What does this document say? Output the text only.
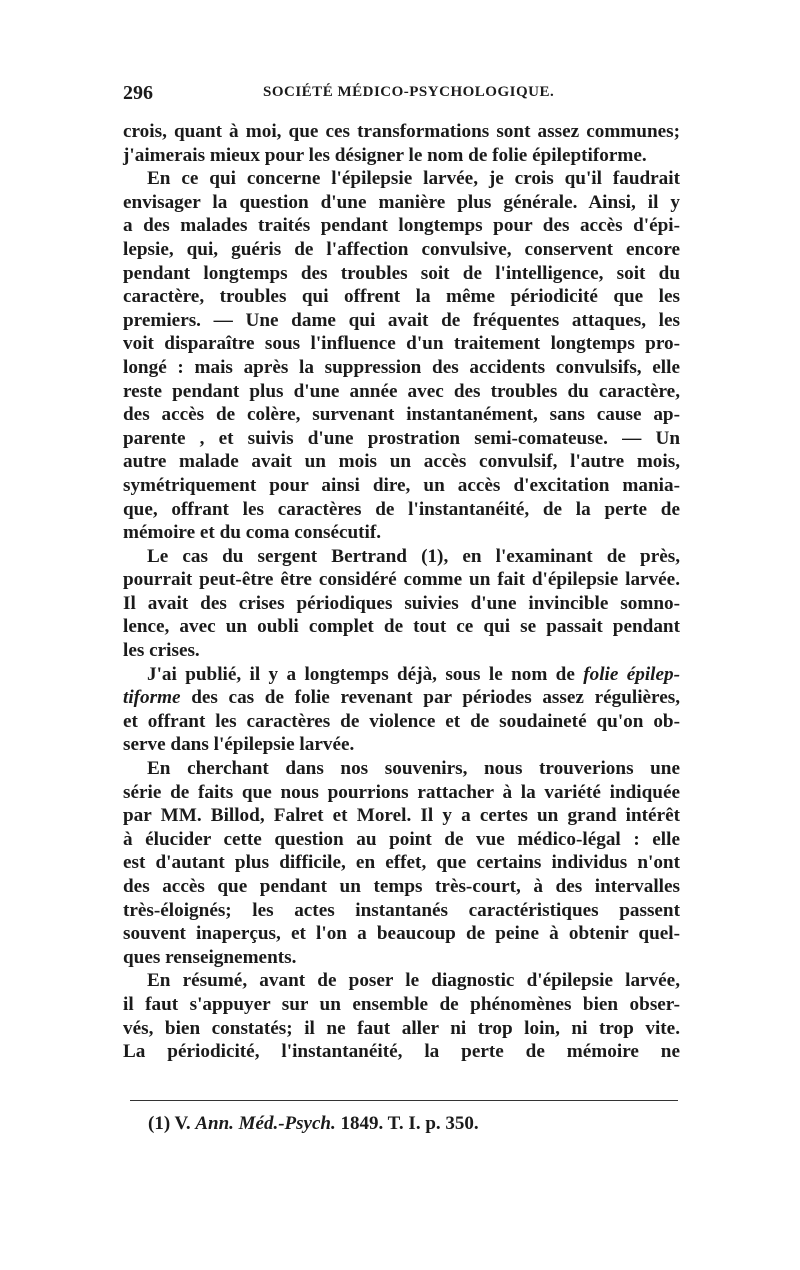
296	SOCIÉTÉ MÉDICO-PSYCHOLOGIQUE.
crois, quant à moi, que ces transformations sont assez communes;
j'aimerais mieux pour les désigner le nom de folie épileptiforme.
En ce qui concerne l'épilepsie larvée, je crois qu'il faudrait
envisager la question d'une manière plus générale. Ainsi, il y
a des malades traités pendant longtemps pour des accès d'épi-
lepsie, qui, guéris de l'affection convulsive, conservent encore
pendant longtemps des troubles soit de l'intelligence, soit du
caractère, troubles qui offrent la même périodicité que les
premiers. — Une dame qui avait de fréquentes attaques, les
voit disparaître sous l'influence d'un traitement longtemps pro-
longé : mais après la suppression des accidents convulsifs, elle
reste pendant plus d'une année avec des troubles du caractère,
des accès de colère, survenant instantanément, sans cause ap-
parente , et suivis d'une prostration semi-comateuse. — Un
autre malade avait un mois un accès convulsif, l'autre mois,
symétriquement pour ainsi dire, un accès d'excitation mania-
que, offrant les caractères de l'instantanéité, de la perte de
mémoire et du coma consécutif.
Le cas du sergent Bertrand (1), en l'examinant de près,
pourrait peut-être être considéré comme un fait d'épilepsie larvée.
Il avait des crises périodiques suivies d'une invincible somno-
lence, avec un oubli complet de tout ce qui se passait pendant
les crises.
J'ai publié, il y a longtemps déjà, sous le nom de folie épilep-
tiforme des cas de folie revenant par périodes assez régulières,
et offrant les caractères de violence et de soudaineté qu'on ob-
serve dans l'épilepsie larvée.
En cherchant dans nos souvenirs, nous trouverions une
série de faits que nous pourrions rattacher à la variété indiquée
par MM. Billod, Falret et Morel. Il y a certes un grand intérêt
à élucider cette question au point de vue médico-légal : elle
est d'autant plus difficile, en effet, que certains individus n'ont
des accès que pendant un temps très-court, à des intervalles
très-éloignés; les actes instantanés caractéristiques passent
souvent inaperçus, et l'on a beaucoup de peine à obtenir quel-
ques renseignements.
En résumé, avant de poser le diagnostic d'épilepsie larvée,
il faut s'appuyer sur un ensemble de phénomènes bien obser-
vés, bien constatés; il ne faut aller ni trop loin, ni trop vite.
La périodicité, l'instantanéité, la perte de mémoire ne
(1) V. Ann. Méd.-Psych. 1849. T. I. p. 350.
